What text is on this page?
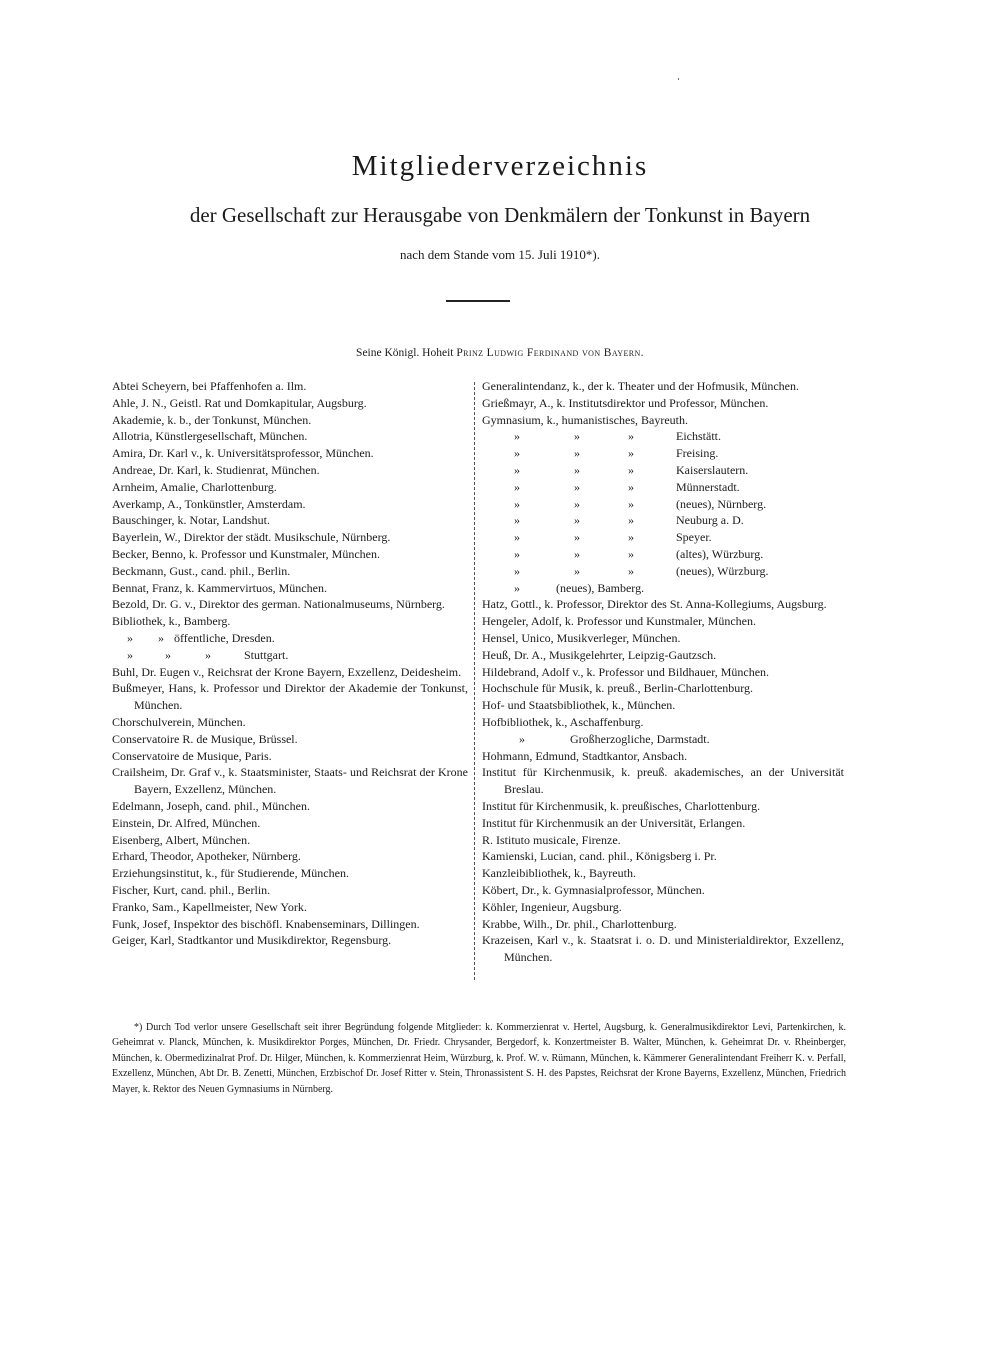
Mitgliederverzeichnis

der Gesellschaft zur Herausgabe von Denkmälern der Tonkunst in Bayern

nach dem Stande vom 15. Juli 1910*).

Seine Königl. Hoheit Prinz Ludwig Ferdinand von Bayern.

Abtei Scheyern, bei Pfaffenhofen a. Ilm.

Ahle, J. N., Geistl. Rat und Domkapitular, Augsburg.

Akademie, k. b., der Tonkunst, München.

Allotria, Künstlergesellschaft, München.

Amira, Dr. Karl v., k. Universitätsprofessor, München.

Andreae, Dr. Karl, k. Studienrat, München.

Arnheim, Amalie, Charlottenburg.

Averkamp, A., Tonkünstler, Amsterdam.

Bauschinger, k. Notar, Landshut.

Bayerlein, W., Direktor der städt. Musikschule, Nürnberg.

Becker, Benno, k. Professor und Kunstmaler, München.

Beckmann, Gust., cand. phil., Berlin.

Bennat, Franz, k. Kammervirtuos, München.

Bezold, Dr. G. v., Direktor des german. Nationalmuseums, Nürnberg.

Bibliothek, k., Bamberg.

»	» öffentliche, Dresden.

»	»	»	Stuttgart.

Buhl, Dr. Eugen v., Reichsrat der Krone Bayern, Exzellenz, Deidesheim.

Bußmeyer, Hans, k. Professor und Direktor der Akademie der Tonkunst, München.

Chorschulverein, München.

Conservatoire R. de Musique, Brüssel.

Conservatoire de Musique, Paris.

Crailsheim, Dr. Graf v., k. Staatsminister, Staats- und Reichsrat der Krone Bayern, Exzellenz, München.

Edelmann, Joseph, cand. phil., München.

Einstein, Dr. Alfred, München.

Eisenberg, Albert, München.

Erhard, Theodor, Apotheker, Nürnberg.

Erziehungsinstitut, k., für Studierende, München.

Fischer, Kurt, cand. phil., Berlin.

Franko, Sam., Kapellmeister, New York.

Funk, Josef, Inspektor des bischöfl. Knabenseminars, Dillingen.

Geiger, Karl, Stadtkantor und Musikdirektor, Regensburg.

Generalintendanz, k., der k. Theater und der Hofmusik, München.

Grießmayr, A., k. Institutsdirektor und Professor, München.

Gymnasium, k., humanistisches, Bayreuth.

»	»	»	Eichstätt.

»	»	»	Freising.

»	»	»	Kaiserslautern.

»	»	»	Münnerstadt.

»	»	»	(neues), Nürnberg.

»	»	»	Neuburg a. D.

»	»	»	Speyer.

»	»	»	(altes), Würzburg.

»	»	»	(neues), Würzburg.

»	(neues), Bamberg.

Hatz, Gottl., k. Professor, Direktor des St. Anna-Kollegiums, Augsburg.

Hengeler, Adolf, k. Professor und Kunstmaler, München.

Hensel, Unico, Musikverleger, München.

Heuß, Dr. A., Musikgelehrter, Leipzig-Gautzsch.

Hildebrand, Adolf v., k. Professor und Bildhauer, München.

Hochschule für Musik, k. preuß., Berlin-Charlottenburg.

Hof- und Staatsbibliothek, k., München.

Hofbibliothek, k., Aschaffenburg.

»	Großherzogliche, Darmstadt.

Hohmann, Edmund, Stadtkantor, Ansbach.

Institut für Kirchenmusik, k. preuß. akademisches, an der Universität Breslau.

Institut für Kirchenmusik, k. preußisches, Charlottenburg.

Institut für Kirchenmusik an der Universität, Erlangen.

R. Istituto musicale, Firenze.

Kamienski, Lucian, cand. phil., Königsberg i. Pr.

Kanzleibibliothek, k., Bayreuth.

Köbert, Dr., k. Gymnasialprofessor, München.

Köhler, Ingenieur, Augsburg.

Krabbe, Wilh., Dr. phil., Charlottenburg.

Krazeisen, Karl v., k. Staatsrat i. o. D. und Ministerialdirektor, Exzellenz, München.

*) Durch Tod verlor unsere Gesellschaft seit ihrer Begründung folgende Mitglieder: k. Kommerzienrat v. Hertel, Augsburg, k. Generalmusikdirektor Levi, Partenkirchen, k. Geheimrat v. Planck, München, k. Musikdirektor Porges, München, Dr. Friedr. Chrysander, Bergedorf, k. Konzertmeister B. Walter, München, k. Geheimrat Dr. v. Rheinberger, München, k. Obermedizinalrat Prof. Dr. Hilger, München, k. Kommerzienrat Heim, Würzburg, k. Prof. W. v. Rümann, München, k. Kämmerer Generalintendant Freiherr K. v. Perfall, Exzellenz, München, Abt Dr. B. Zenetti, München, Erzbischof Dr. Josef Ritter v. Stein, Thronassistent S. H. des Papstes, Reichsrat der Krone Bayerns, Exzellenz, München, Friedrich Mayer, k. Rektor des Neuen Gymnasiums in Nürnberg.
